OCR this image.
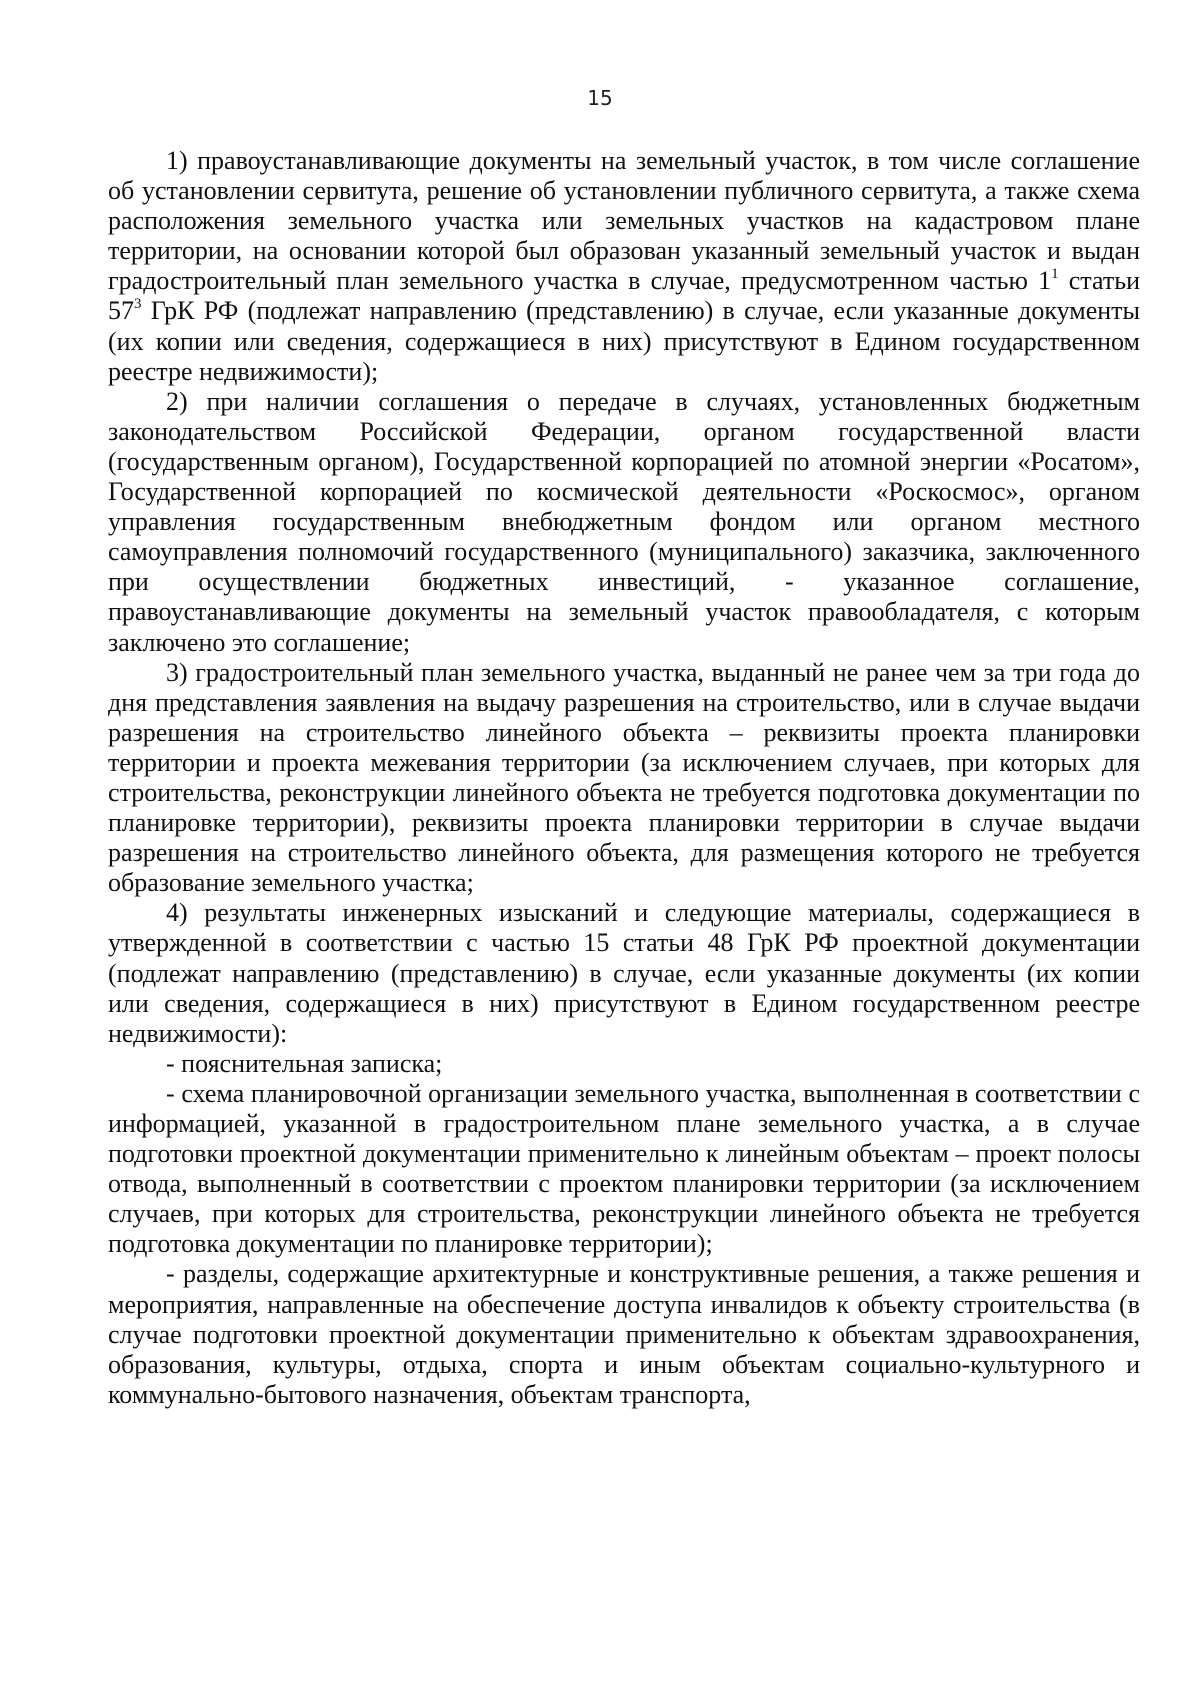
15

1) правоустанавливающие документы на земельный участок, в том числе соглашение об установлении сервитута, решение об установлении публичного сервитута, а также схема расположения земельного участка или земельных участков на кадастровом плане территории, на основании которой был образован указанный земельный участок и выдан градостроительный план земельного участка в случае, предусмотренном частью $1^1$ статьи $57^3$ ГрК РФ (подлежат направлению (представлению) в случае, если указанные документы (их копии или сведения, содержащиеся в них) присутствуют в Едином государственном реестре недвижимости);

2) при наличии соглашения о передаче в случаях, установленных бюджетным законодательством Российской Федерации, органом государственной власти (государственным органом), Государственной корпорацией по атомной энергии «Росатом», Государственной корпорацией по космической деятельности «Роскосмос», органом управления государственным внебюджетным фондом или органом местного самоуправления полномочий государственного (муниципального) заказчика, заключенного при осуществлении бюджетных инвестиций, - указанное соглашение, правоустанавливающие документы на земельный участок правообладателя, с которым заключено это соглашение;

3) градостроительный план земельного участка, выданный не ранее чем за три года до дня представления заявления на выдачу разрешения на строительство, или в случае выдачи разрешения на строительство линейного объекта – реквизиты проекта планировки территории и проекта межевания территории (за исключением случаев, при которых для строительства, реконструкции линейного объекта не требуется подготовка документации по планировке территории), реквизиты проекта планировки территории в случае выдачи разрешения на строительство линейного объекта, для размещения которого не требуется образование земельного участка;

4) результаты инженерных изысканий и следующие материалы, содержащиеся в утвержденной в соответствии с частью 15 статьи 48 ГрК РФ проектной документации (подлежат направлению (представлению) в случае, если указанные документы (их копии или сведения, содержащиеся в них) присутствуют в Едином государственном реестре недвижимости):

- пояснительная записка;

- схема планировочной организации земельного участка, выполненная в соответствии с информацией, указанной в градостроительном плане земельного участка, а в случае подготовки проектной документации применительно к линейным объектам – проект полосы отвода, выполненный в соответствии с проектом планировки территории (за исключением случаев, при которых для строительства, реконструкции линейного объекта не требуется подготовка документации по планировке территории);

- разделы, содержащие архитектурные и конструктивные решения, а также решения и мероприятия, направленные на обеспечение доступа инвалидов к объекту строительства (в случае подготовки проектной документации применительно к объектам здравоохранения, образования, культуры, отдыха, спорта и иным объектам социально-культурного и коммунально-бытового назначения, объектам транспорта,
